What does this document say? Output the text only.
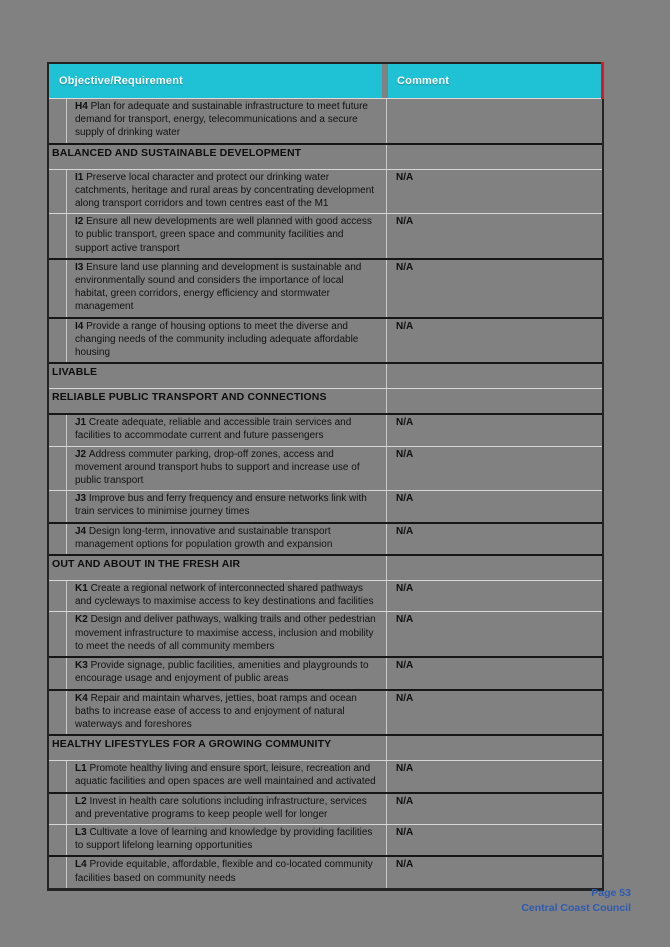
Objective/Requirement	Comment
H4 Plan for adequate and sustainable infrastructure to meet future demand for transport, energy, telecommunications and a secure supply of drinking water
BALANCED AND SUSTAINABLE DEVELOPMENT
I1 Preserve local character and protect our drinking water catchments, heritage and rural areas by concentrating development along transport corridors and town centres east of the M1
N/A
I2 Ensure all new developments are well planned with good access to public transport, green space and community facilities and support active transport
N/A
I3 Ensure land use planning and development is sustainable and environmentally sound and considers the importance of local habitat, green corridors, energy efficiency and stormwater management
N/A
I4 Provide a range of housing options to meet the diverse and changing needs of the community including adequate affordable housing
N/A
LIVABLE
RELIABLE PUBLIC TRANSPORT AND CONNECTIONS
J1 Create adequate, reliable and accessible train services and facilities to accommodate current and future passengers
N/A
J2 Address commuter parking, drop-off zones, access and movement around transport hubs to support and increase use of public transport
N/A
J3 Improve bus and ferry frequency and ensure networks link with train services to minimise journey times
N/A
J4 Design long-term, innovative and sustainable transport management options for population growth and expansion
N/A
OUT AND ABOUT IN THE FRESH AIR
K1 Create a regional network of interconnected shared pathways and cycleways to maximise access to key destinations and facilities
N/A
K2 Design and deliver pathways, walking trails and other pedestrian movement infrastructure to maximise access, inclusion and mobility to meet the needs of all community members
N/A
K3 Provide signage, public facilities, amenities and playgrounds to encourage usage and enjoyment of public areas
N/A
K4 Repair and maintain wharves, jetties, boat ramps and ocean baths to increase ease of access to and enjoyment of natural waterways and foreshores
N/A
HEALTHY LIFESTYLES FOR A GROWING COMMUNITY
L1 Promote healthy living and ensure sport, leisure, recreation and aquatic facilities and open spaces are well maintained and activated
N/A
L2 Invest in health care solutions including infrastructure, services and preventative programs to keep people well for longer
N/A
L3 Cultivate a love of learning and knowledge by providing facilities to support lifelong learning opportunities
N/A
L4 Provide equitable, affordable, flexible and co-located community facilities based on community needs
N/A
Page 53
Central Coast Council
